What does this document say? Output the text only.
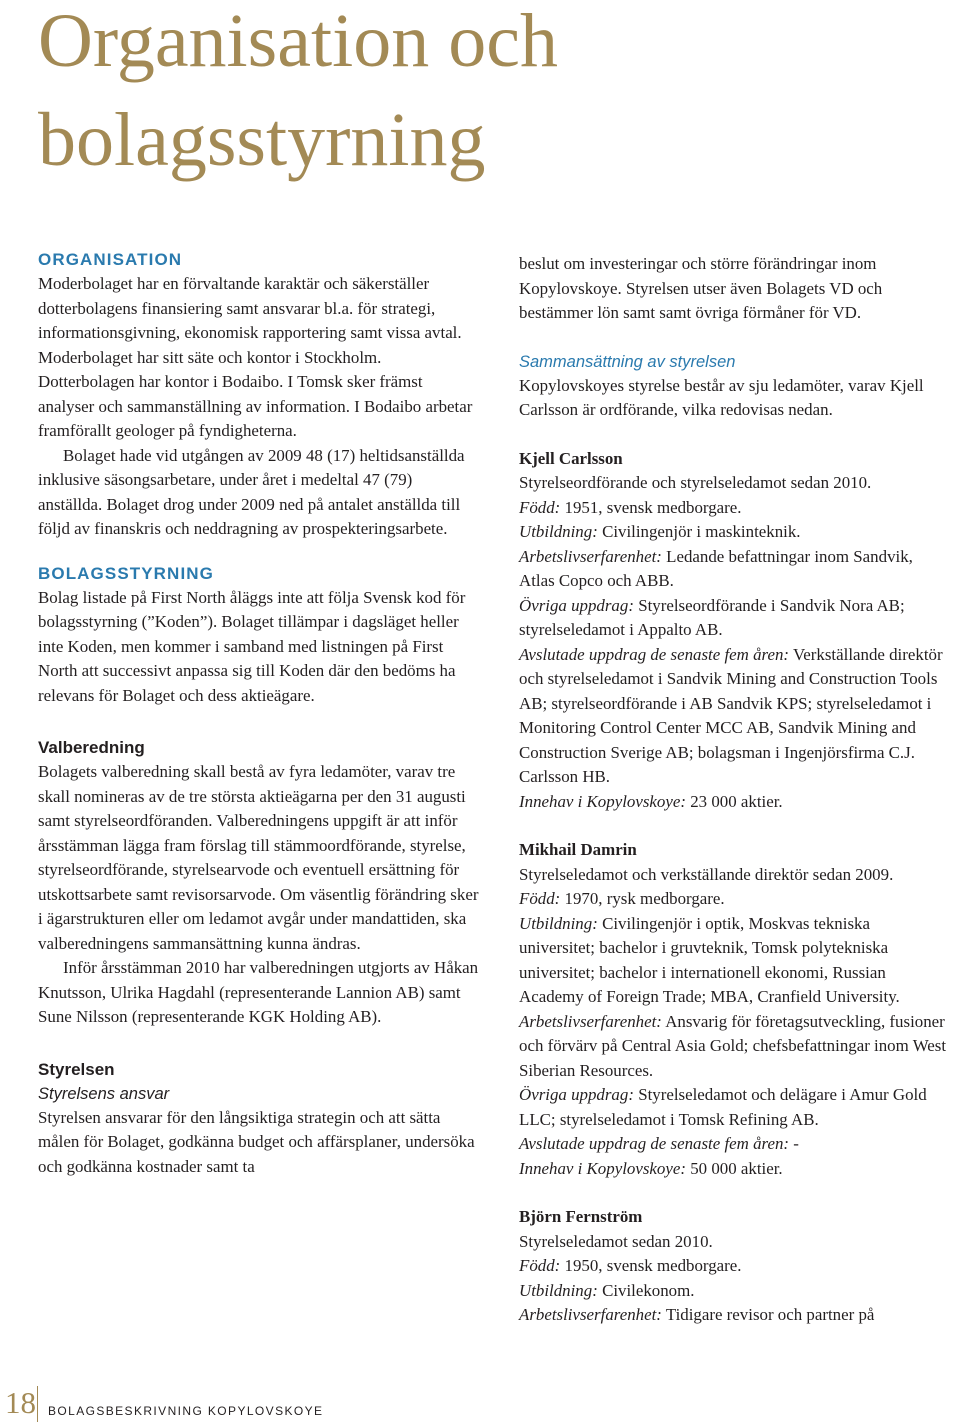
Organisation och bolagsstyrning
ORGANISATION

Moderbolaget har en förvaltande karaktär och säkerställer dotterbolagens finansiering samt ansvarar bl.a. för strategi, informationsgivning, ekonomisk rapportering samt vissa avtal. Moderbolaget har sitt säte och kontor i Stockholm. Dotterbolagen har kontor i Bodaibo. I Tomsk sker främst analyser och sammanställning av information. I Bodaibo arbetar framförallt geologer på fyndigheterna.

Bolaget hade vid utgången av 2009 48 (17) heltidsanställda inklusive säsongsarbetare, under året i medeltal 47 (79) anställda. Bolaget drog under 2009 ned på antalet anställda till följd av finanskris och neddragning av prospekteringsarbete.

BOLAGSSTYRNING

Bolag listade på First North åläggs inte att följa Svensk kod för bolagsstyrning (”Koden”). Bolaget tillämpar i dagsläget heller inte Koden, men kommer i samband med listningen på First North att successivt anpassa sig till Koden där den bedöms ha relevans för Bolaget och dess aktieägare.

Valberedning

Bolagets valberedning skall bestå av fyra ledamöter, varav tre skall nomineras av de tre största aktieägarna per den 31 augusti samt styrelseordföranden. Valberedningens uppgift är att inför årsstämman lägga fram förslag till stämmoordförande, styrelse, styrelseordförande, styrelsearvode och eventuell ersättning för utskottsarbete samt revisorsarvode. Om väsentlig förändring sker i ägarstrukturen eller om ledamot avgår under mandattiden, ska valberedningens sammansättning kunna ändras.

Inför årsstämman 2010 har valberedningen utgjorts av Håkan Knutsson, Ulrika Hagdahl (representerande Lannion AB) samt Sune Nilsson (representerande KGK Holding AB).

Styrelsen

Styrelsens ansvar

Styrelsen ansvarar för den långsiktiga strategin och att sätta målen för Bolaget, godkänna budget och affärsplaner, undersöka och godkänna kostnader samt ta

beslut om investeringar och större förändringar inom Kopylovskoye. Styrelsen utser även Bolagets VD och bestämmer lön samt samt övriga förmåner för VD.

Sammansättning av styrelsen

Kopylovskoyes styrelse består av sju ledamöter, varav Kjell Carlsson är ordförande, vilka redovisas nedan.

Kjell Carlsson

Styrelseordförande och styrelseledamot sedan 2010.

Född: 1951, svensk medborgare.

Utbildning: Civilingenjör i maskinteknik.

Arbetslivserfarenhet: Ledande befattningar inom Sandvik, Atlas Copco och ABB.

Övriga uppdrag: Styrelseordförande i Sandvik Nora AB; styrelseledamot i Appalto AB.

Avslutade uppdrag de senaste fem åren: Verkställande direktör och styrelseledamot i Sandvik Mining and Construction Tools AB; styrelseordförande i AB Sandvik KPS; styrelseledamot i Monitoring Control Center MCC AB, Sandvik Mining and Construction Sverige AB; bolagsman i Ingenjörsfirma C.J. Carlsson HB.

Innehav i Kopylovskoye: 23 000 aktier.

Mikhail Damrin

Styrelseledamot och verkställande direktör sedan 2009.

Född: 1970, rysk medborgare.

Utbildning: Civilingenjör i optik, Moskvas tekniska universitet; bachelor i gruvteknik, Tomsk polytekniska universitet; bachelor i internationell ekonomi, Russian Academy of Foreign Trade; MBA, Cranfield University.

Arbetslivserfarenhet: Ansvarig för företagsutveckling, fusioner och förvärv på Central Asia Gold; chefsbefattningar inom West Siberian Resources.

Övriga uppdrag: Styrelseledamot och delägare i Amur Gold LLC; styrelseledamot i Tomsk Refining AB.

Avslutade uppdrag de senaste fem åren: -

Innehav i Kopylovskoye: 50 000 aktier.

Björn Fernström

Styrelseledamot sedan 2010.

Född: 1950, svensk medborgare.

Utbildning: Civilekonom.

Arbetslivserfarenhet: Tidigare revisor och partner på

18 BOLAGSBESKRIVNING KOPYLOVSKOYE
